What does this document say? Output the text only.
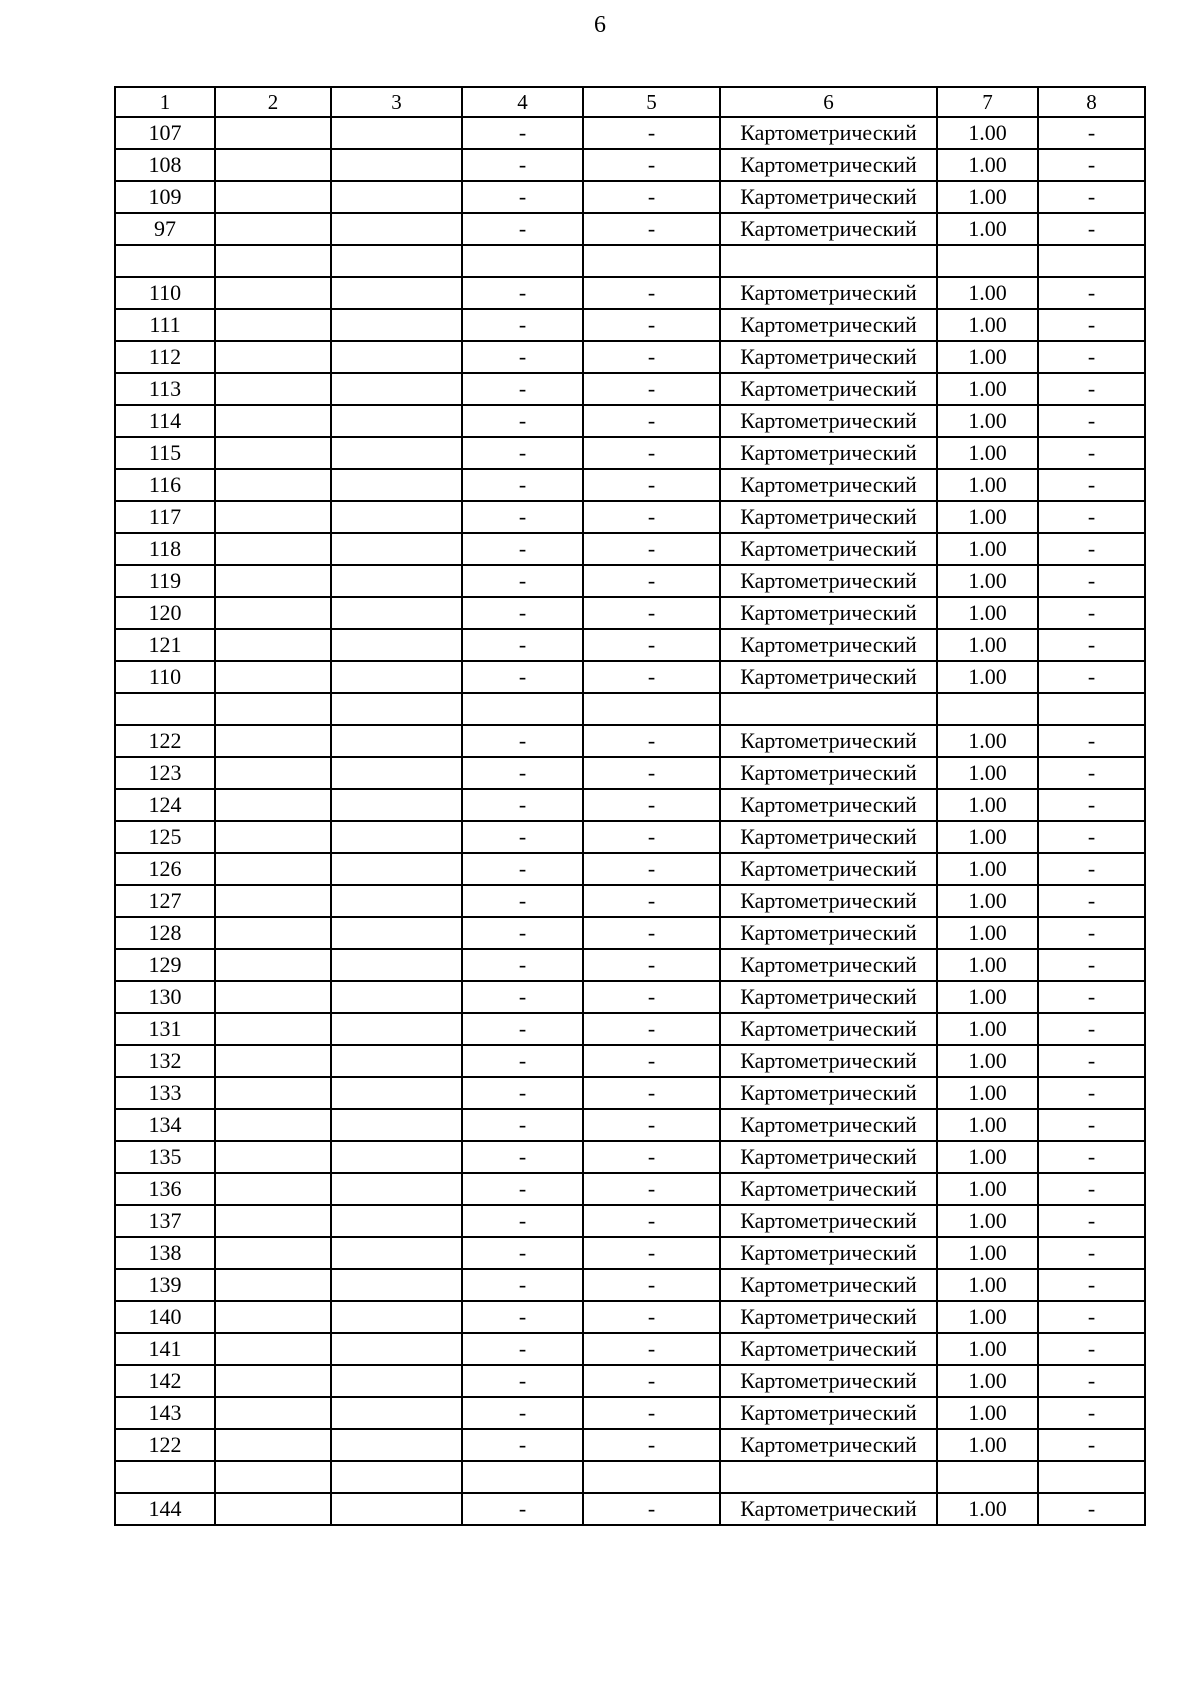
6
1	2	3	4	5	6	7	8
107			-	-	Картометрический	1.00	-
108			-	-	Картометрический	1.00	-
109			-	-	Картометрический	1.00	-
97			-	-	Картометрический	1.00	-

110			-	-	Картометрический	1.00	-
111			-	-	Картометрический	1.00	-
112			-	-	Картометрический	1.00	-
113			-	-	Картометрический	1.00	-
114			-	-	Картометрический	1.00	-
115			-	-	Картометрический	1.00	-
116			-	-	Картометрический	1.00	-
117			-	-	Картометрический	1.00	-
118			-	-	Картометрический	1.00	-
119			-	-	Картометрический	1.00	-
120			-	-	Картометрический	1.00	-
121			-	-	Картометрический	1.00	-
110			-	-	Картометрический	1.00	-

122			-	-	Картометрический	1.00	-
123			-	-	Картометрический	1.00	-
124			-	-	Картометрический	1.00	-
125			-	-	Картометрический	1.00	-
126			-	-	Картометрический	1.00	-
127			-	-	Картометрический	1.00	-
128			-	-	Картометрический	1.00	-
129			-	-	Картометрический	1.00	-
130			-	-	Картометрический	1.00	-
131			-	-	Картометрический	1.00	-
132			-	-	Картометрический	1.00	-
133			-	-	Картометрический	1.00	-
134			-	-	Картометрический	1.00	-
135			-	-	Картометрический	1.00	-
136			-	-	Картометрический	1.00	-
137			-	-	Картометрический	1.00	-
138			-	-	Картометрический	1.00	-
139			-	-	Картометрический	1.00	-
140			-	-	Картометрический	1.00	-
141			-	-	Картометрический	1.00	-
142			-	-	Картометрический	1.00	-
143			-	-	Картометрический	1.00	-
122			-	-	Картометрический	1.00	-

144			-	-	Картометрический	1.00	-
